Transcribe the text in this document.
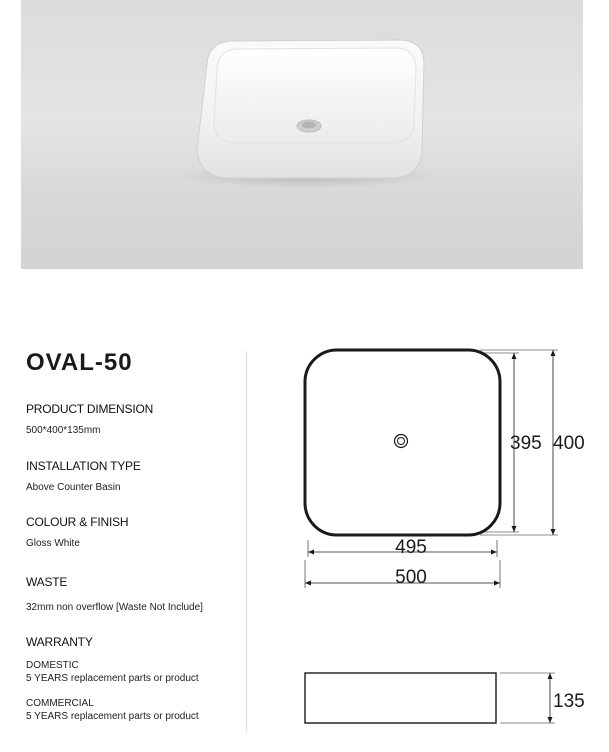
OVAL-50
PRODUCT DIMENSION
500*400*135mm
INSTALLATION TYPE
Above Counter Basin
COLOUR & FINISH
Gloss White
WASTE
32mm non overflow [Waste Not Include]
WARRANTY
DOMESTIC
5 YEARS replacement parts or product
COMMERCIAL
5 YEARS replacement parts or product
495
500
395 400
135
